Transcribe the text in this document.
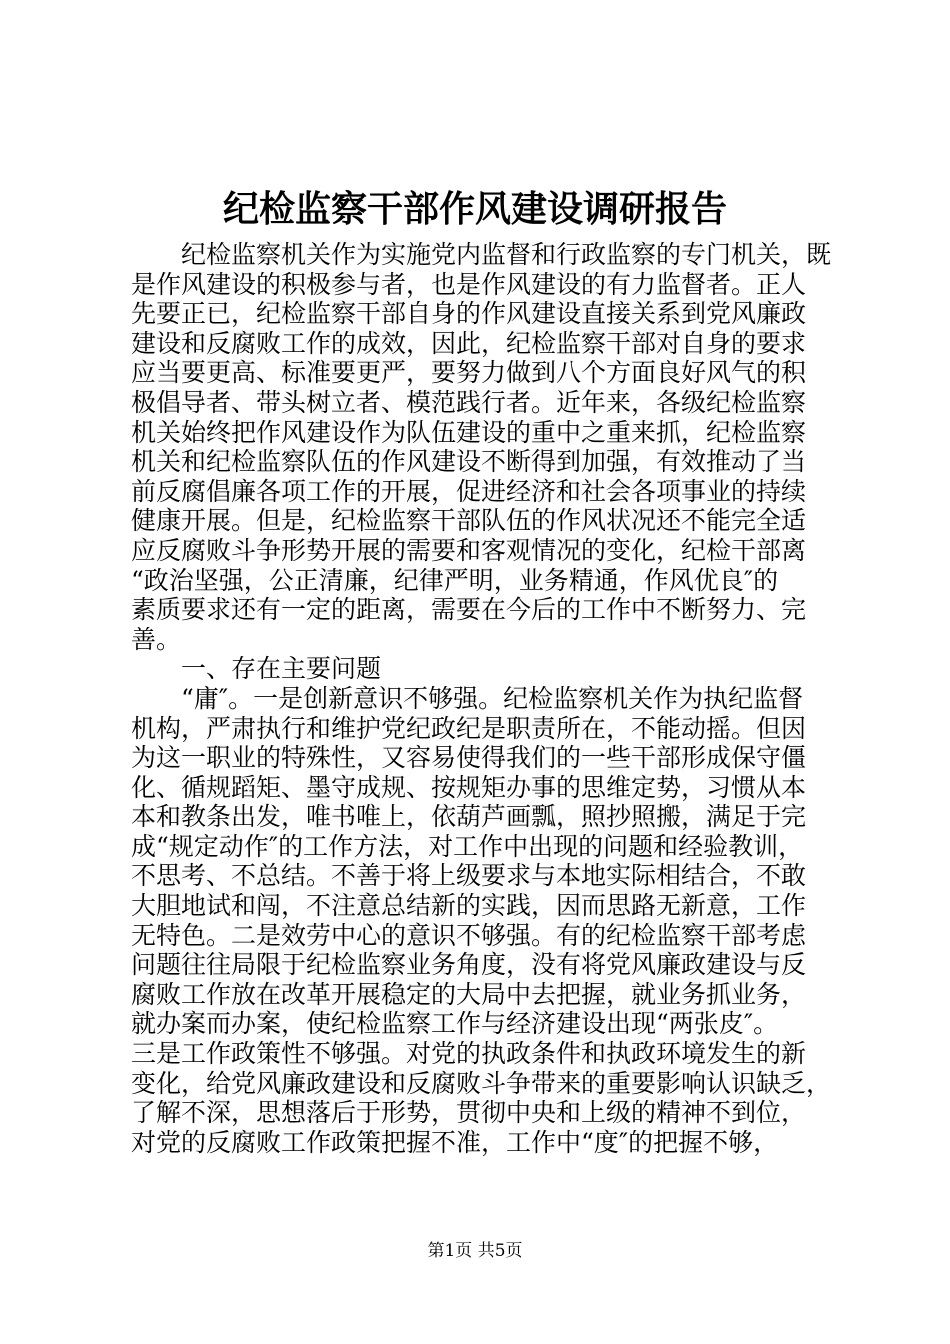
纪检监察干部作风建设调研报告
　　纪检监察机关作为实施党内监督和行政监察的专门机关，既
是作风建设的积极参与者，也是作风建设的有力监督者。正人
先要正已，纪检监察干部自身的作风建设直接关系到党风廉政
建设和反腐败工作的成效，因此，纪检监察干部对自身的要求
应当要更高、标准要更严，要努力做到八个方面良好风气的积
极倡导者、带头树立者、模范践行者。近年来，各级纪检监察
机关始终把作风建设作为队伍建设的重中之重来抓，纪检监察
机关和纪检监察队伍的作风建设不断得到加强，有效推动了当
前反腐倡廉各项工作的开展，促进经济和社会各项事业的持续
健康开展。但是，纪检监察干部队伍的作风状况还不能完全适
应反腐败斗争形势开展的需要和客观情况的变化，纪检干部离
“政治坚强，公正清廉，纪律严明，业务精通，作风优良″的
素质要求还有一定的距离，需要在今后的工作中不断努力、完
善。
　　一、存在主要问题
　　“庸″。一是创新意识不够强。纪检监察机关作为执纪监督
机构，严肃执行和维护党纪政纪是职责所在，不能动摇。但因
为这一职业的特殊性，又容易使得我们的一些干部形成保守僵
化、循规蹈矩、墨守成规、按规矩办事的思维定势，习惯从本
本和教条出发，唯书唯上，依葫芦画瓢，照抄照搬，满足于完
成“规定动作″的工作方法，对工作中出现的问题和经验教训，
不思考、不总结。不善于将上级要求与本地实际相结合，不敢
大胆地试和闯，不注意总结新的实践，因而思路无新意，工作
无特色。二是效劳中心的意识不够强。有的纪检监察干部考虑
问题往往局限于纪检监察业务角度，没有将党风廉政建设与反
腐败工作放在改革开展稳定的大局中去把握，就业务抓业务，
就办案而办案，使纪检监察工作与经济建设出现“两张皮″。
三是工作政策性不够强。对党的执政条件和执政环境发生的新
变化，给党风廉政建设和反腐败斗争带来的重要影响认识缺乏，
了解不深，思想落后于形势，贯彻中央和上级的精神不到位，
对党的反腐败工作政策把握不准，工作中“度″的把握不够，
第1页 共5页
